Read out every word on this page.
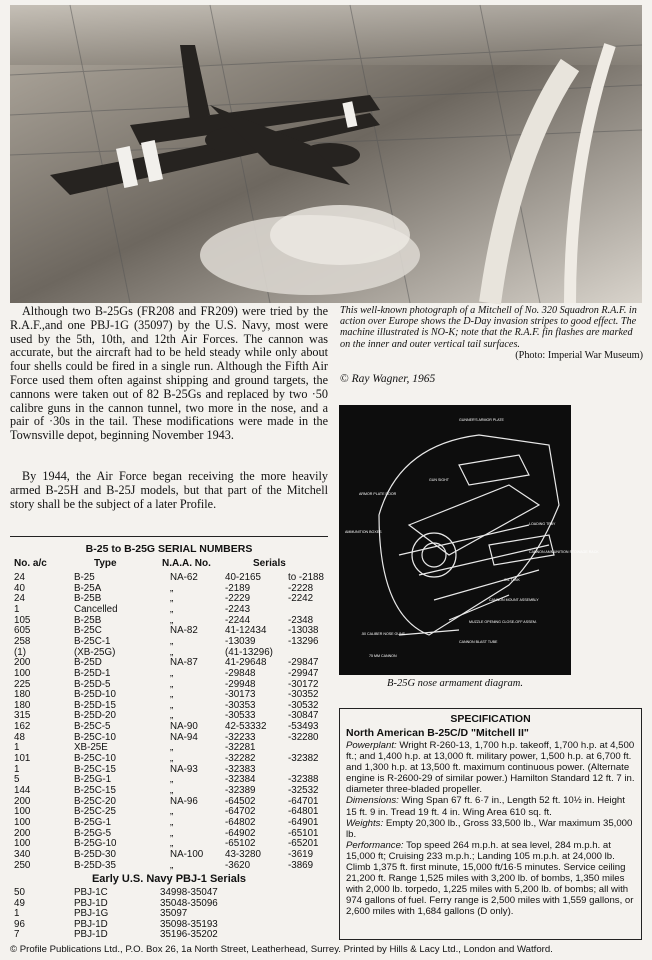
This well-known photograph of a Mitchell of No. 320 Squadron R.A.F. in action over Europe shows the D-Day invasion stripes to good effect. The machine illustrated is NO-K; note that the R.A.F. fin flashes are marked on the inner and outer vertical tail surfaces.
(Photo: Imperial War Museum)
© Ray Wagner, 1965
Although two B-25Gs (FR208 and FR209) were tried by the R.A.F.,and one PBJ-1G (35097) by the U.S. Navy, most were used by the 5th, 10th, and 12th Air Forces. The cannon was accurate, but the aircraft had to be held steady while only about four shells could be fired in a single run. Although the Fifth Air Force used them often against shipping and ground targets, the cannons were taken out of 82 B-25Gs and replaced by two ·50 calibre guns in the cannon tunnel, two more in the nose, and a pair of ·30s in the tail. These modifications were made in the Townsville depot, beginning November 1943.
By 1944, the Air Force began receiving the more heavily armed B-25H and B-25J models, but that part of the Mitchell story shall be the subject of a later Profile.
ARMOR PLATE DOOR
GUNNER'S ARMOR PLATE
GUN SIGHT
AMMUNITION BOXES
LOADING TRAY
CANNON AMMUNITION STOWAGE RACK
OIL TANK
CANNON MOUNT ASSEMBLY
MUZZLE OPENING CLOSE-OFF ASSEM.
CANNON BLAST TUBE
.50 CALIBER NOSE GUNS
75 MM CANNON
B-25G nose armament diagram.
B-25 to B-25G SERIAL NUMBERS
No. a/c	Type	N.A.A. No.	Serials
24	B-25	NA-62	40-2165	to -2188
40	B-25A	„	-2189	-2228
24	B-25B	„	-2229	-2242
1	Cancelled	„	-2243
105	B-25B	„	-2244	-2348
605	B-25C	NA-82	41-12434 -13038
258	B-25C-1	„	-13039	-13296
(1)	(XB-25G)	„	(41-13296)
200	B-25D	NA-87	41-29648 -29847
100	B-25D-1	„	-29848	-29947
225	B-25D-5	„	-29948	-30172
180	B-25D-10	„	-30173	-30352
180	B-25D-15	„	-30353	-30532
315	B-25D-20	„	-30533	-30847
162	B-25C-5	NA-90	42-53332 -53493
48	B-25C-10	NA-94	-32233	-32280
1	XB-25E	„	-32281
101	B-25C-10	„	-32282	-32382
1	B-25C-15	NA-93	-32383
5	B-25G-1	„	-32384	-32388
144	B-25C-15	„	-32389	-32532
200	B-25C-20	NA-96	-64502	-64701
100	B-25C-25	„	-64702	-64801
100	B-25G-1	„	-64802	-64901
200	B-25G-5	„	-64902	-65101
100	B-25G-10	„	-65102	-65201
340	B-25D-30	NA-100 43-3280	-3619
250	B-25D-35	„	-3620	-3869
Early U.S. Navy PBJ-1 Serials
50	PBJ-1C	34998-35047
49	PBJ-1D	35048-35096
1	PBJ-1G	35097
96	PBJ-1D	35098-35193
7	PBJ-1D	35196-35202
SPECIFICATION
North American B-25C/D "Mitchell II"
Powerplant: Wright R-260-13, 1,700 h.p. takeoff, 1,700 h.p. at 4,500 ft.; and 1,400 h.p. at 13,000 ft. military power, 1,500 h.p. at 6,700 ft. and 1,300 h.p. at 13,500 ft. maximum continuous power. (Alternate engine is R-2600-29 of similar power.) Hamilton Standard 12 ft. 7 in. diameter three-bladed propeller.
Dimensions: Wing Span 67 ft. 6·7 in., Length 52 ft. 10½ in. Height 15 ft. 9 in. Tread 19 ft. 4 in. Wing Area 610 sq. ft.
Weights: Empty 20,300 lb., Gross 33,500 lb., War maximum 35,000 lb.
Performance: Top speed 264 m.p.h. at sea level, 284 m.p.h. at 15,000 ft; Cruising 233 m.p.h.; Landing 105 m.p.h. at 24,000 lb. Climb 1,375 ft. first minute, 15,000 ft/16·5 minutes. Service ceiling 21,200 ft. Range 1,525 miles with 3,200 lb. of bombs, 1,350 miles with 2,000 lb. torpedo, 1,225 miles with 5,200 lb. of bombs; all with 974 gallons of fuel. Ferry range is 2,500 miles with 1,559 gallons, or 2,600 miles with 1,684 gallons (D only).
© Profile Publications Ltd., P.O. Box 26, 1a North Street, Leatherhead, Surrey. Printed by Hills & Lacy Ltd., London and Watford.
